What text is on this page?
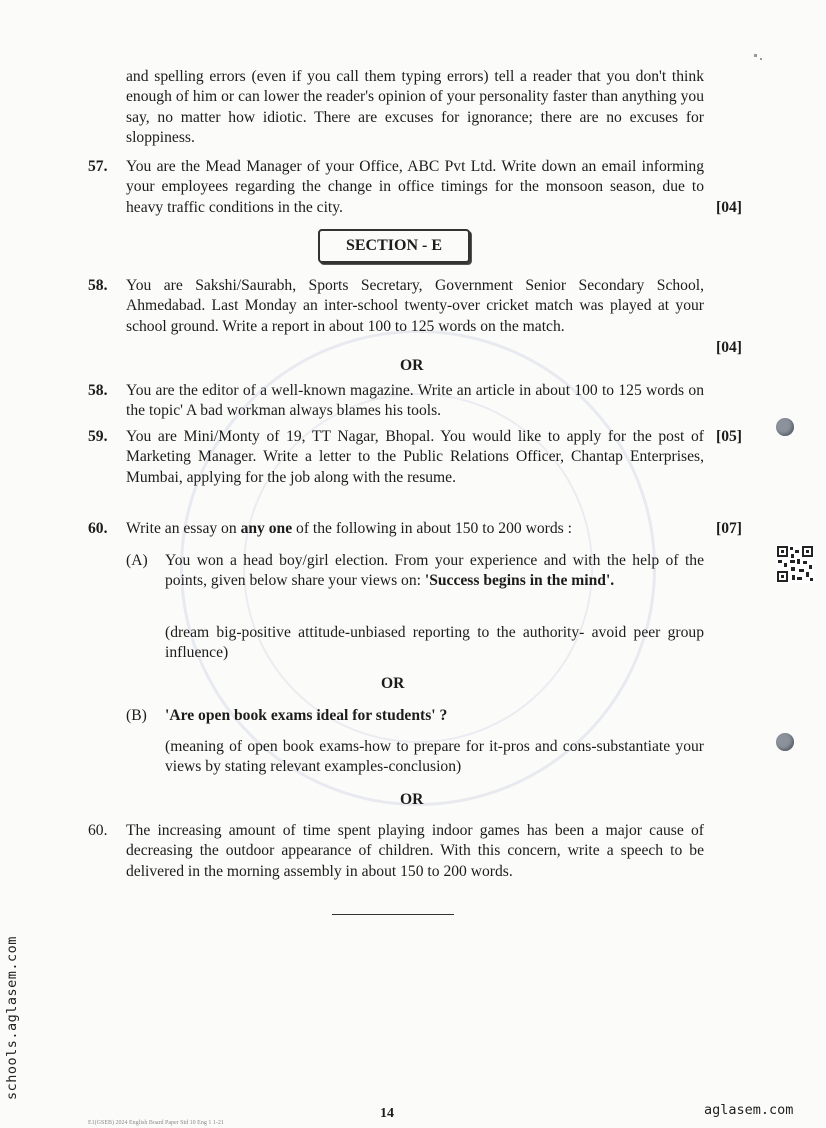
and spelling errors (even if you call them typing errors) tell a reader that you don't think enough of him or can lower the reader's opinion of your personality faster than anything you say, no matter how idiotic. There are excuses for ignorance; there are no excuses for sloppiness.
57. You are the Mead Manager of your Office, ABC Pvt Ltd. Write down an email informing your employees regarding the change in office timings for the monsoon season, due to heavy traffic conditions in the city.	[04]
SECTION - E
58. You are Sakshi/Saurabh, Sports Secretary, Government Senior Secondary School, Ahmedabad. Last Monday an inter-school twenty-over cricket match was played at your school ground. Write a report in about 100 to 125 words on the match.
[04]
OR
58. You are the editor of a well-known magazine. Write an article in about 100 to 125 words on the topic' A bad workman always blames his tools.
59. You are Mini/Monty of 19, TT Nagar, Bhopal. You would like to apply for the post of Marketing Manager. Write a letter to the Public Relations Officer, Chantap Enterprises, Mumbai, applying for the job along with the resume.
[05]
60. Write an essay on any one of the following in about 150 to 200 words :	[07]
(A) You won a head boy/girl election. From your experience and with the help of the points, given below share your views on: 'Success begins in the mind'.
(dream big-positive attitude-unbiased reporting to the authority- avoid peer group influence)
OR
(B) 'Are open book exams ideal for students' ?
(meaning of open book exams-how to prepare for it-pros and cons-substantiate your views by stating relevant examples-conclusion)
OR
60. The increasing amount of time spent playing indoor games has been a major cause of decreasing the outdoor appearance of children. With this concern, write a speech to be delivered in the morning assembly in about 150 to 200 words.
14
E1(GSEB) 2024 English Board Paper Std 10 Eng 1 1-21
schools.aglasem.com
aglasem.com
